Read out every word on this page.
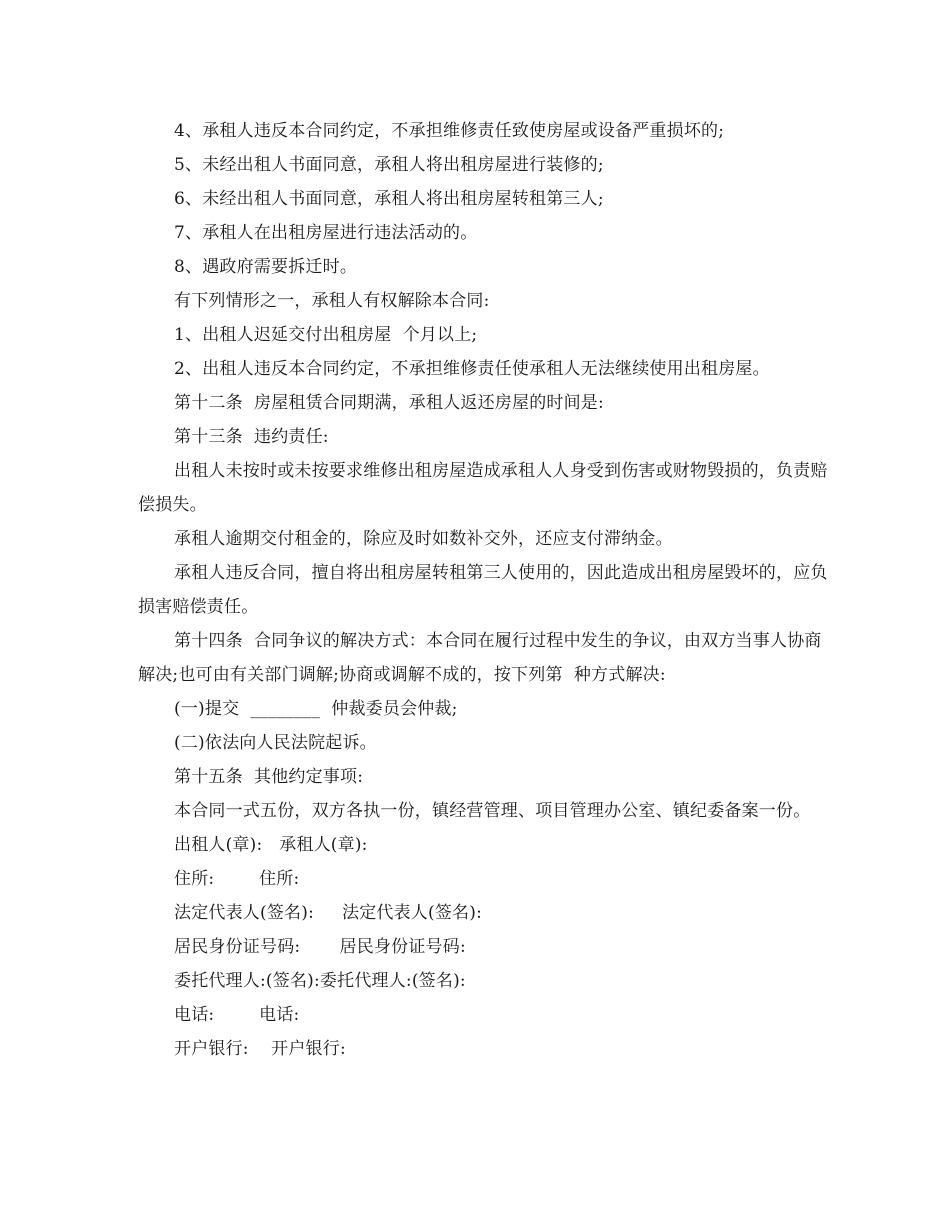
4、承租人违反本合同约定，不承担维修责任致使房屋或设备严重损坏的;

5、未经出租人书面同意，承租人将出租房屋进行装修的;

6、未经出租人书面同意，承租人将出租房屋转租第三人;

7、承租人在出租房屋进行违法活动的。

8、遇政府需要拆迁时。

有下列情形之一，承租人有权解除本合同:

1、出租人迟延交付出租房屋  个月以上;

2、出租人违反本合同约定，不承担维修责任使承租人无法继续使用出租房屋。

第十二条  房屋租赁合同期满，承租人返还房屋的时间是:

第十三条  违约责任:

出租人未按时或未按要求维修出租房屋造成承租人人身受到伤害或财物毁损的，负责赔偿损失。

承租人逾期交付租金的，除应及时如数补交外，还应支付滞纳金。

承租人违反合同，擅自将出租房屋转租第三人使用的，因此造成出租房屋毁坏的，应负损害赔偿责任。

第十四条  合同争议的解决方式：本合同在履行过程中发生的争议，由双方当事人协商解决;也可由有关部门调解;协商或调解不成的，按下列第  种方式解决:

(一)提交  ________  仲裁委员会仲裁;

(二)依法向人民法院起诉。

第十五条  其他约定事项:

本合同一式五份，双方各执一份，镇经营管理、项目管理办公室、镇纪委备案一份。

出租人(章):   承租人(章):

住所:        住所:

法定代表人(签名):     法定代表人(签名):

居民身份证号码:       居民身份证号码:

委托代理人:(签名):委托代理人:(签名):

电话:        电话:

开户银行:    开户银行:
